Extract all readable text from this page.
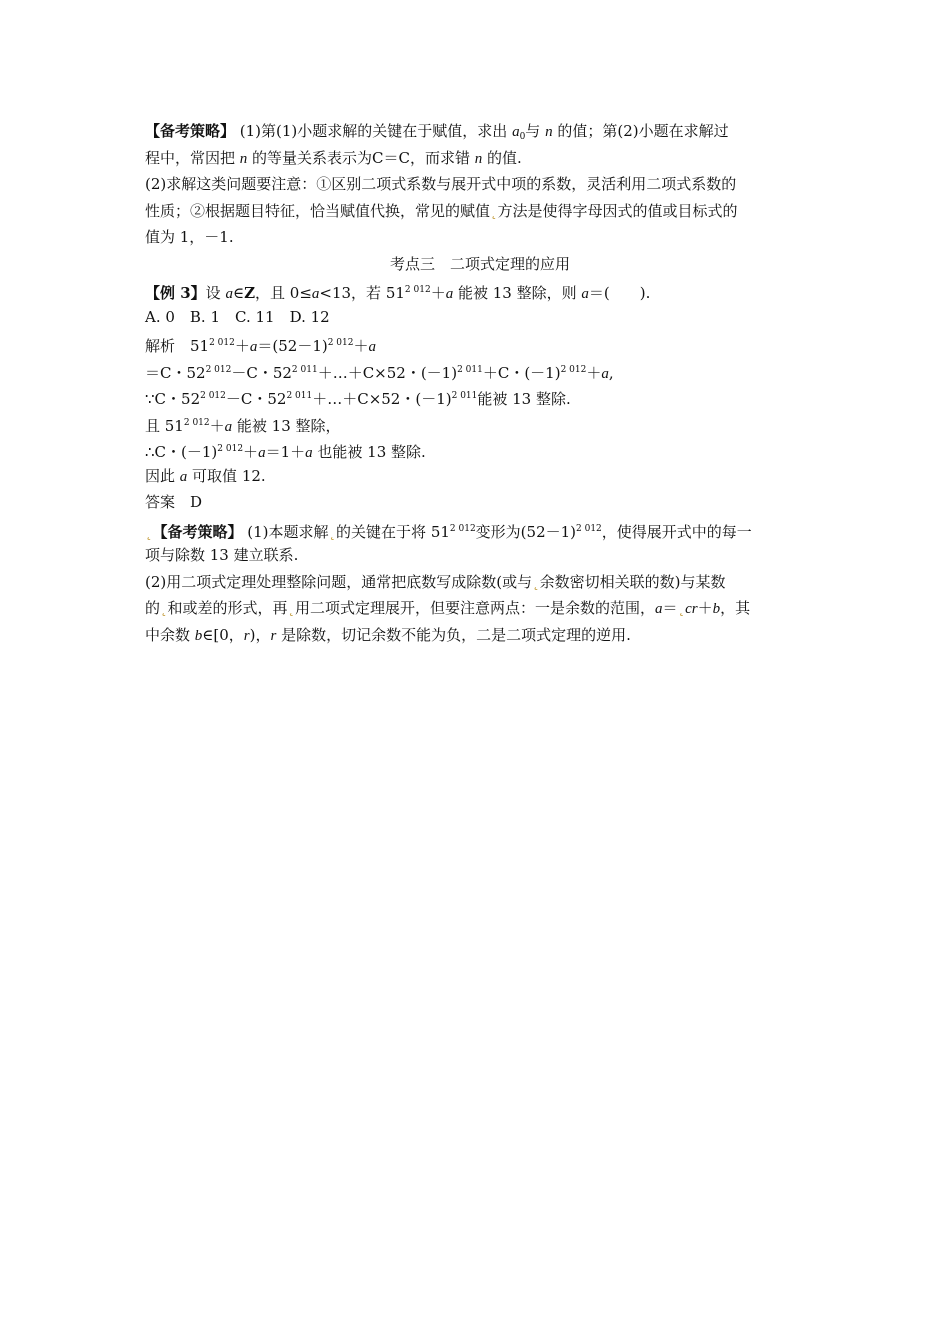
【备考策略】 (1)第(1)小题求解的关键在于赋值，求出 $a_0$与 n 的值；第(2)小题在求解过
程中，常因把 n 的等量关系表示为C＝C，而求错 n 的值.
(2)求解这类问题要注意：①区别二项式系数与展开式中项的系数，灵活利用二项式系数的
性质；②根据题目特征，恰当赋值代换，常见的赋值˛方法是使得字母因式的值或目标式的
值为 1，－1.
考点三　二项式定理的应用
【例 3】设 a∈Z，且 0≤a<13，若 $51^{2 012}+a$ 能被 13 整除，则 a＝(　　).
A. 0　B. 1　C. 11　D. 12
解析　$51^{2 012}+a=(52-1)^{2 012}+a$
＝C・$52^{2 012}-C$・$52^{2 011}+\dots+C\times 52$・$(-1)^{2 011}+C$・$(-1)^{2 012}+a$,
∵C・$52^{2 012}-C$・$52^{2 011}+\dots+C\times 52$・$(-1)^{2 011}$能被 13 整除.
且 $51^{2 012}+a$ 能被 13 整除，
∴C・$(-1)^{2 012}+a=1+a$ 也能被 13 整除.
因此 a 可取值 12.
答案　D
˛【备考策略】 (1)本题求解˛的关键在于将 $51^{2 012}$变形为$(52-1)^{2 012}$，使得展开式中的每一
项与除数 13 建立联系.
(2)用二项式定理处理整除问题，通常把底数写成除数(或与˛余数密切相关联的数)与某数
的˛和或差的形式，再˛用二项式定理展开，但要注意两点：一是余数的范围，a＝˛cr＋b，其
中余数 b∈[0，r)，r 是除数，切记余数不能为负，二是二项式定理的逆用.
